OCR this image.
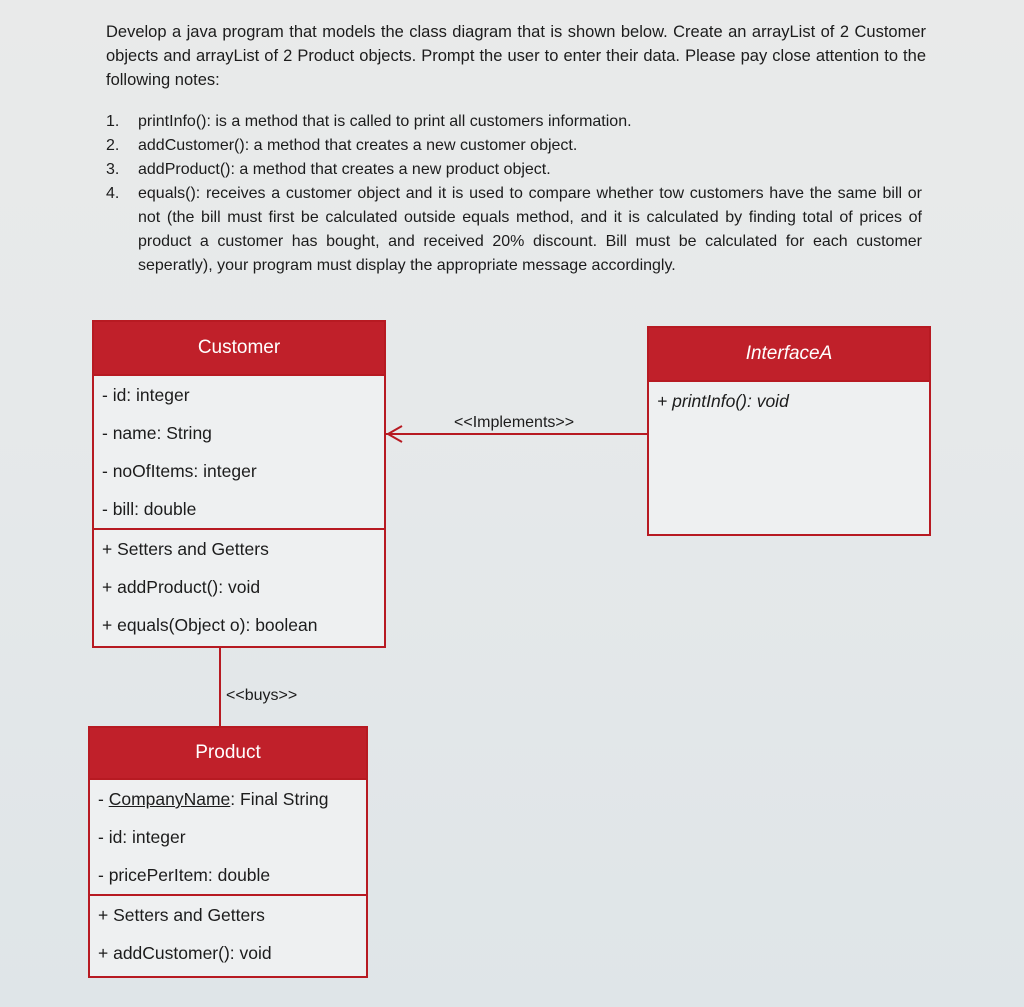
Develop a java program that models the class diagram that is shown below. Create an arrayList of 2 Customer objects and arrayList of 2 Product objects. Prompt the user to enter their data. Please pay close attention to the following notes:
1.	printInfo(): is a method that is called to print all customers information.
2.	addCustomer(): a method that creates a new customer object.
3.	addProduct(): a method that creates a new product object.
4.	equals(): receives a customer object and it is used to compare whether tow customers have the same bill or not (the bill must first be calculated outside equals method, and it is calculated by finding total of prices of product a customer has bought, and received 20% discount. Bill must be calculated for each customer seperatly), your program must display the appropriate message accordingly.
<<Implements>>
<<buys>>
Customer
- id: integer
- name: String
- noOfItems: integer
- bill: double
+ Setters and Getters
+ addProduct(): void
+ equals(Object o): boolean
InterfaceA
+ printInfo(): void
Product
- CompanyName: Final String
- id: integer
- pricePerItem: double
+ Setters and Getters
+ addCustomer(): void
